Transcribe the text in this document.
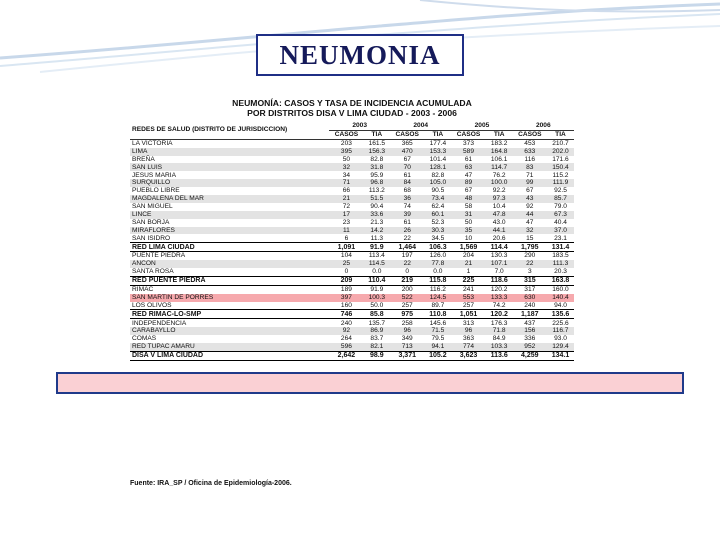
NEUMONIA
NEUMONÍA: CASOS Y TASA DE INCIDENCIA ACUMULADA
POR DISTRITOS DISA V LIMA CIUDAD - 2003 - 2006
REDES DE SALUD (DISTRITO DE JURISDICCION)	2003		2004		2005		2006	
	CASOS	TIA	CASOS	TIA	CASOS	TIA	CASOS	TIA
LA VICTORIA	203	161.5	365	177.4	373	183.2	453	210.7
LIMA	395	156.3	470	153.3	589	164.8	633	202.0
BREÑA	50	82.8	67	101.4	61	106.1	116	171.6
SAN LUIS	32	31.8	70	128.1	63	114.7	83	150.4
JESUS MARIA	34	95.9	61	82.8	47	76.2	71	115.2
SURQUILLO	71	96.8	84	105.0	89	100.0	99	111.9
PUEBLO LIBRE	66	113.2	68	90.5	67	92.2	67	92.5
MAGDALENA DEL MAR	21	51.5	36	73.4	48	97.3	43	85.7
SAN MIGUEL	72	90.4	74	62.4	58	10.4	92	79.0
LINCE	17	33.6	39	60.1	31	47.8	44	67.3
SAN BORJA	23	21.3	61	52.3	50	43.0	47	40.4
MIRAFLORES	11	14.2	26	30.3	35	44.1	32	37.0
SAN ISIDRO	6	11.3	22	34.5	10	20.6	15	23.1
RED LIMA CIUDAD	1,091	91.9	1,464	106.3	1,569	114.4	1,795	131.4
PUENTE PIEDRA	104	113.4	197	126.0	204	130.3	290	183.5
ANCON	25	114.5	22	77.8	21	107.1	22	111.3
SANTA ROSA	0	0.0	0	0.0	1	7.0	3	20.3
RED PUENTE PIEDRA	209	110.4	219	115.8	225	118.6	315	163.8
RIMAC	189	91.9	200	116.2	241	120.2	317	160.0
SAN MARTIN DE PORRES	397	100.3	522	124.5	553	133.3	630	140.4
LOS OLIVOS	160	50.0	257	89.7	257	74.2	240	94.0
RED RIMAC-LO-SMP	746	85.8	975	110.8	1,051	120.2	1,187	135.6
INDEPENDENCIA	240	135.7	258	145.6	313	176.3	437	225.6
CARABAYLLO	92	86.9	96	71.5	96	71.8	156	116.7
COMAS	264	83.7	349	79.5	363	84.9	336	93.0
RED TUPAC AMARU	596	82.1	713	94.1	774	103.3	952	129.4
DISA V LIMA CIUDAD	2,642	98.9	3,371	105.2	3,623	113.6	4,259	134.1
Fuente: IRA_SP / Oficina de Epidemiología-2006.
